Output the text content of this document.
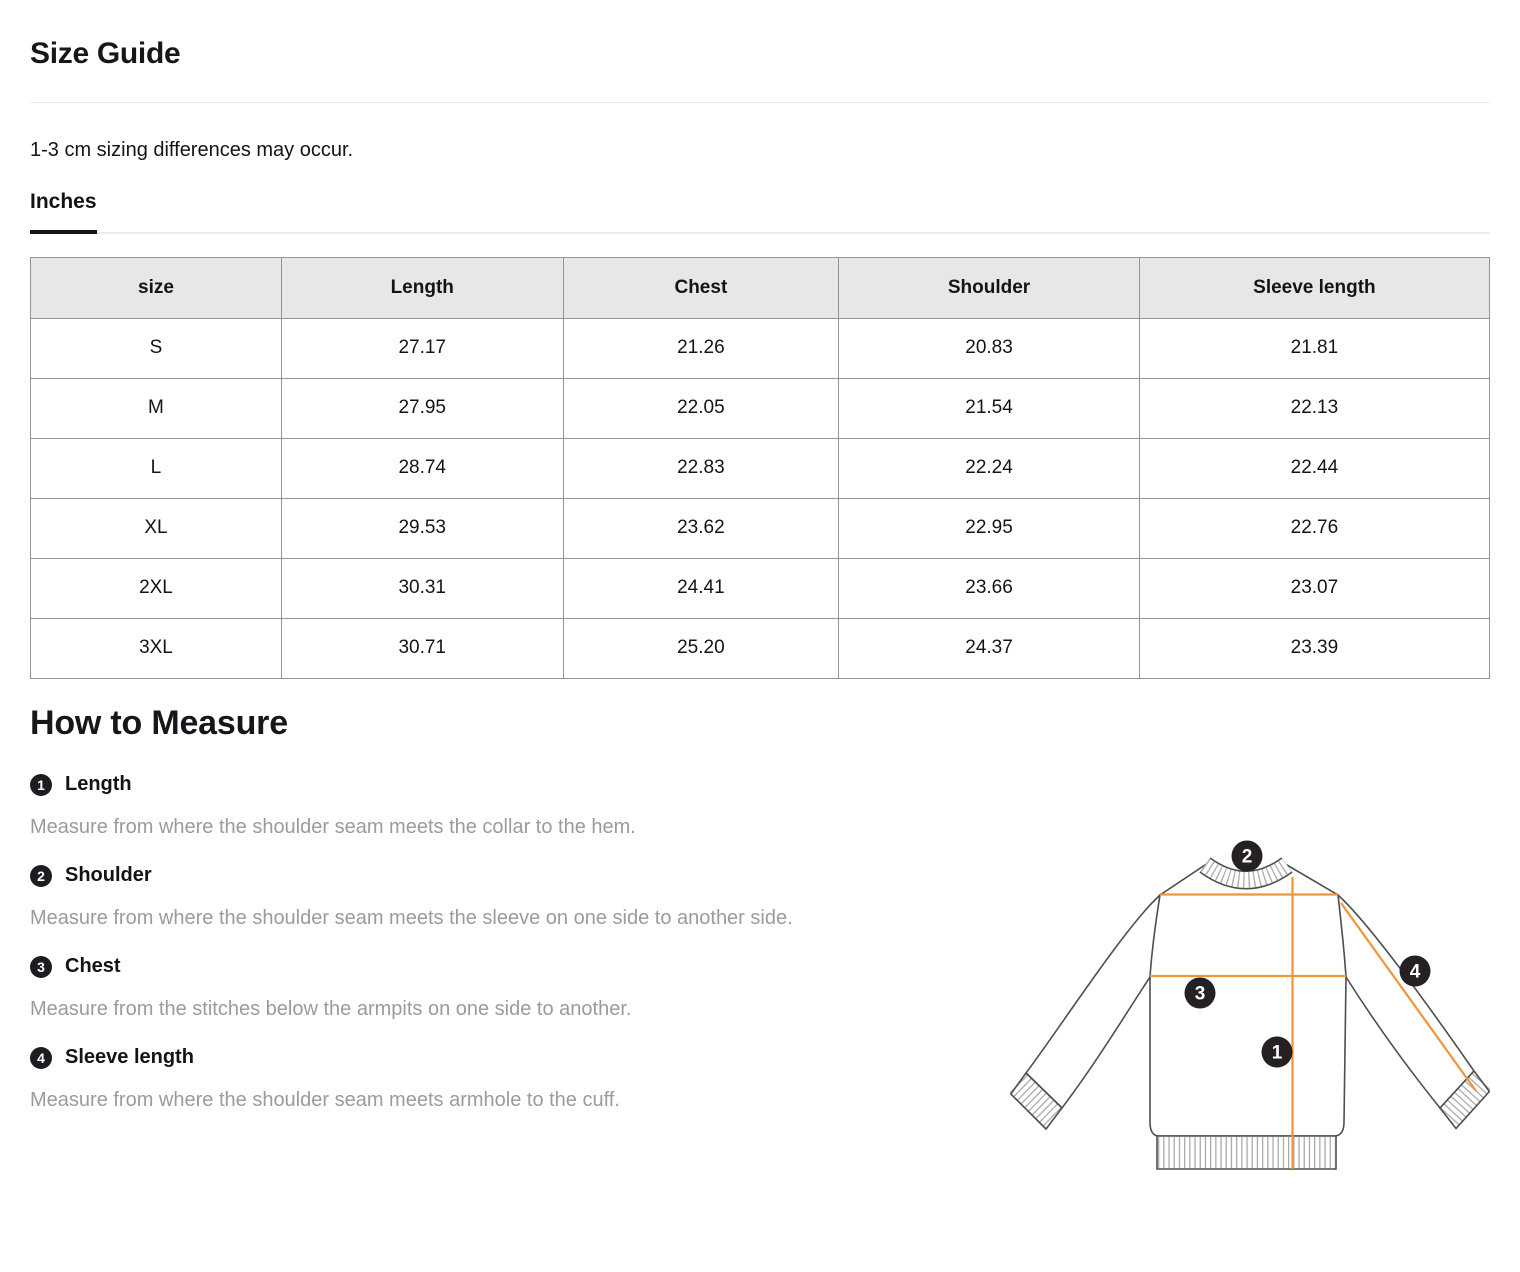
Size Guide

1-3 cm sizing differences may occur.

Inches
size	Length	Chest	Shoulder	Sleeve length
S	27.17	21.26	20.83	21.81
M	27.95	22.05	21.54	22.13
L	28.74	22.83	22.24	22.44
XL	29.53	23.62	22.95	22.76
2XL	30.31	24.41	23.66	23.07
3XL	30.71	25.20	24.37	23.39
How to Measure
1	Length

Measure from where the shoulder seam meets the collar to the hem.

2	Shoulder

Measure from where the shoulder seam meets the sleeve on one side to another side.

3	Chest

Measure from the stitches below the armpits on one side to another.

4	Sleeve length

Measure from where the shoulder seam meets armhole to the cuff.

2
3
1
4
